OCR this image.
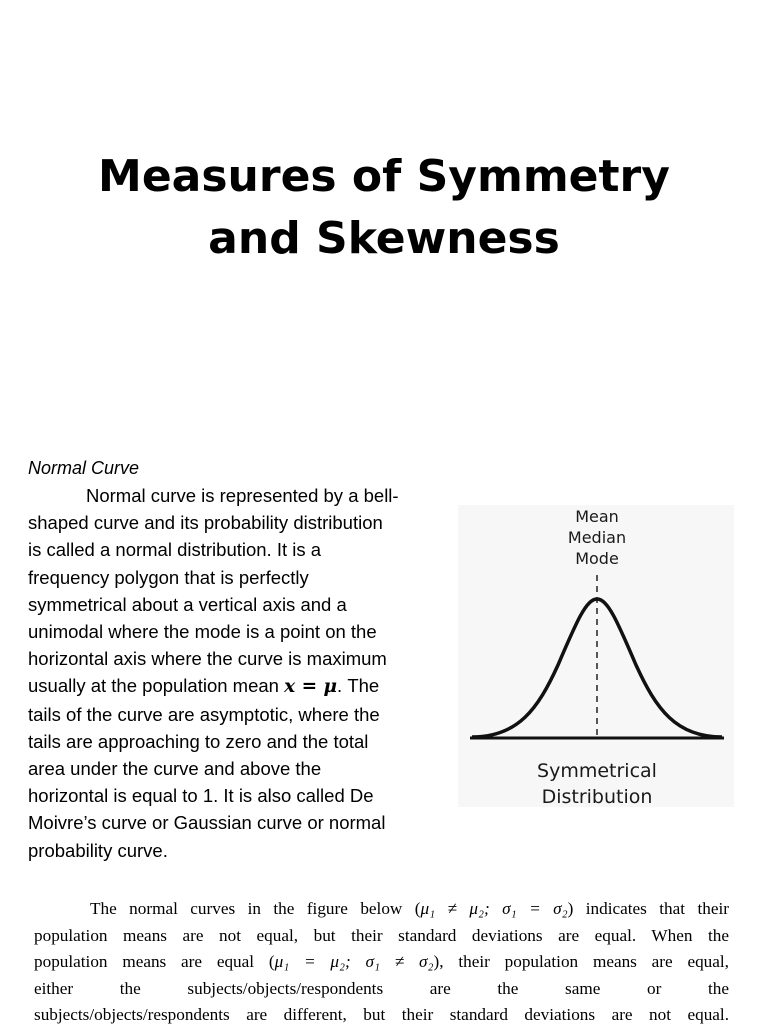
Measures of Symmetry
and Skewness

Normal Curve

Normal curve is represented by a bell-
shaped curve and its probability distribution
is called a normal distribution. It is a
frequency polygon that is perfectly
symmetrical about a vertical axis and a
unimodal where the mode is a point on the
horizontal axis where the curve is maximum
usually at the population mean x = μ. The
tails of the curve are asymptotic, where the
tails are approaching to zero and the total
area under the curve and above the
horizontal is equal to 1. It is also called De
Moivre’s curve or Gaussian curve or normal
probability curve.

Mean
Median
Mode
Symmetrical
Distribution

The normal curves in the figure below (μ₁ ≠ μ₂; σ₁ = σ₂) indicates that their
population means are not equal, but their standard deviations are equal. When the
population means are equal (μ₁ = μ₂; σ₁ ≠ σ₂), their population means are equal,
either the subjects/objects/respondents are the same or the
subjects/objects/respondents are different, but their standard deviations are not equal.
